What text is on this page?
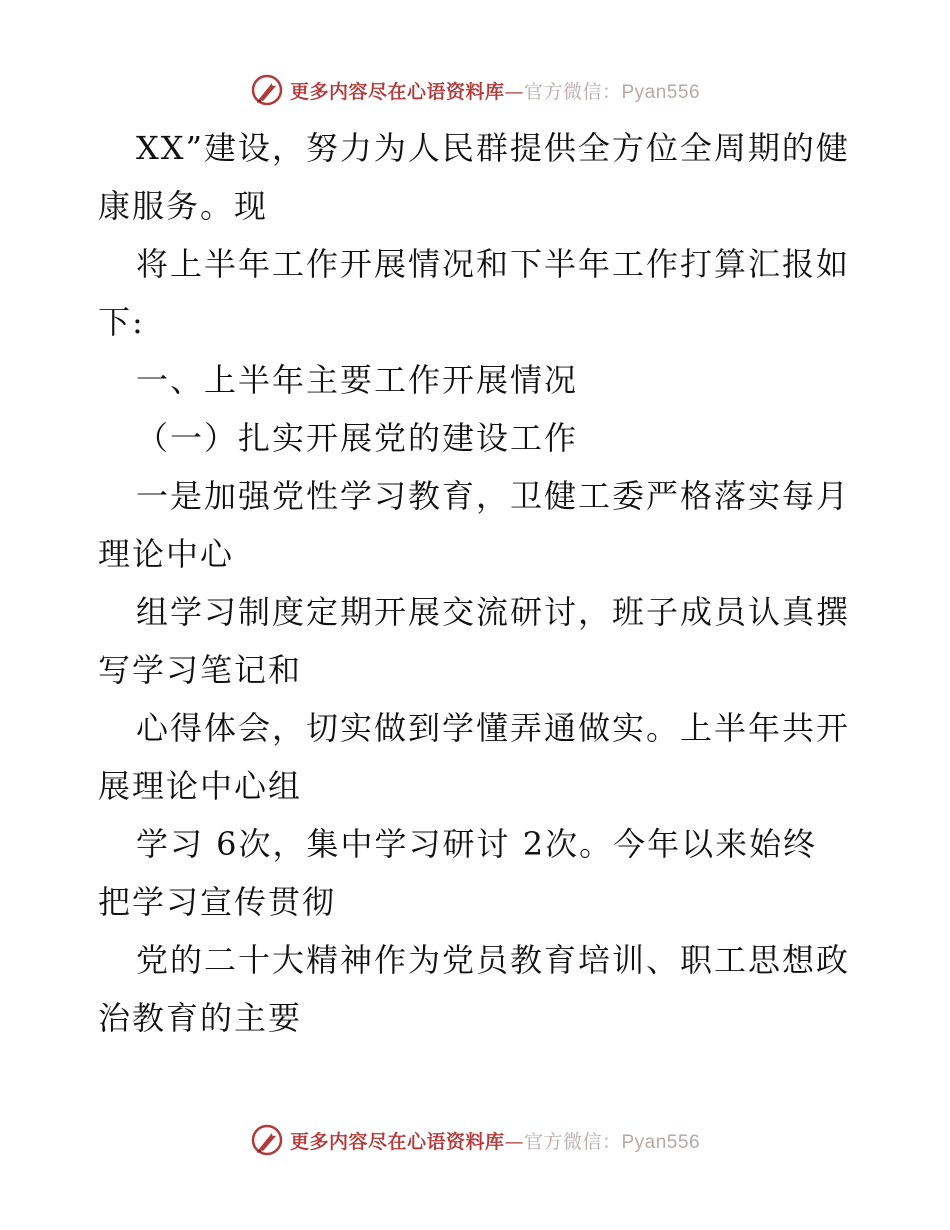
更多内容尽在心语资料库—官方微信：Pyan556
XX”建设，努力为人民群提供全方位全周期的健
康服务。现
将上半年工作开展情况和下半年工作打算汇报如
下:
一、上半年主要工作开展情况
（一）扎实开展党的建设工作
一是加强党性学习教育，卫健工委严格落实每月
理论中心
组学习制度定期开展交流研讨，班子成员认真撰
写学习笔记和
心得体会，切实做到学懂弄通做实。上半年共开
展理论中心组
学习 6次，集中学习研讨 2次。今年以来始终
把学习宣传贯彻
党的二十大精神作为党员教育培训、职工思想政
治教育的主要
更多内容尽在心语资料库—官方微信：Pyan556
